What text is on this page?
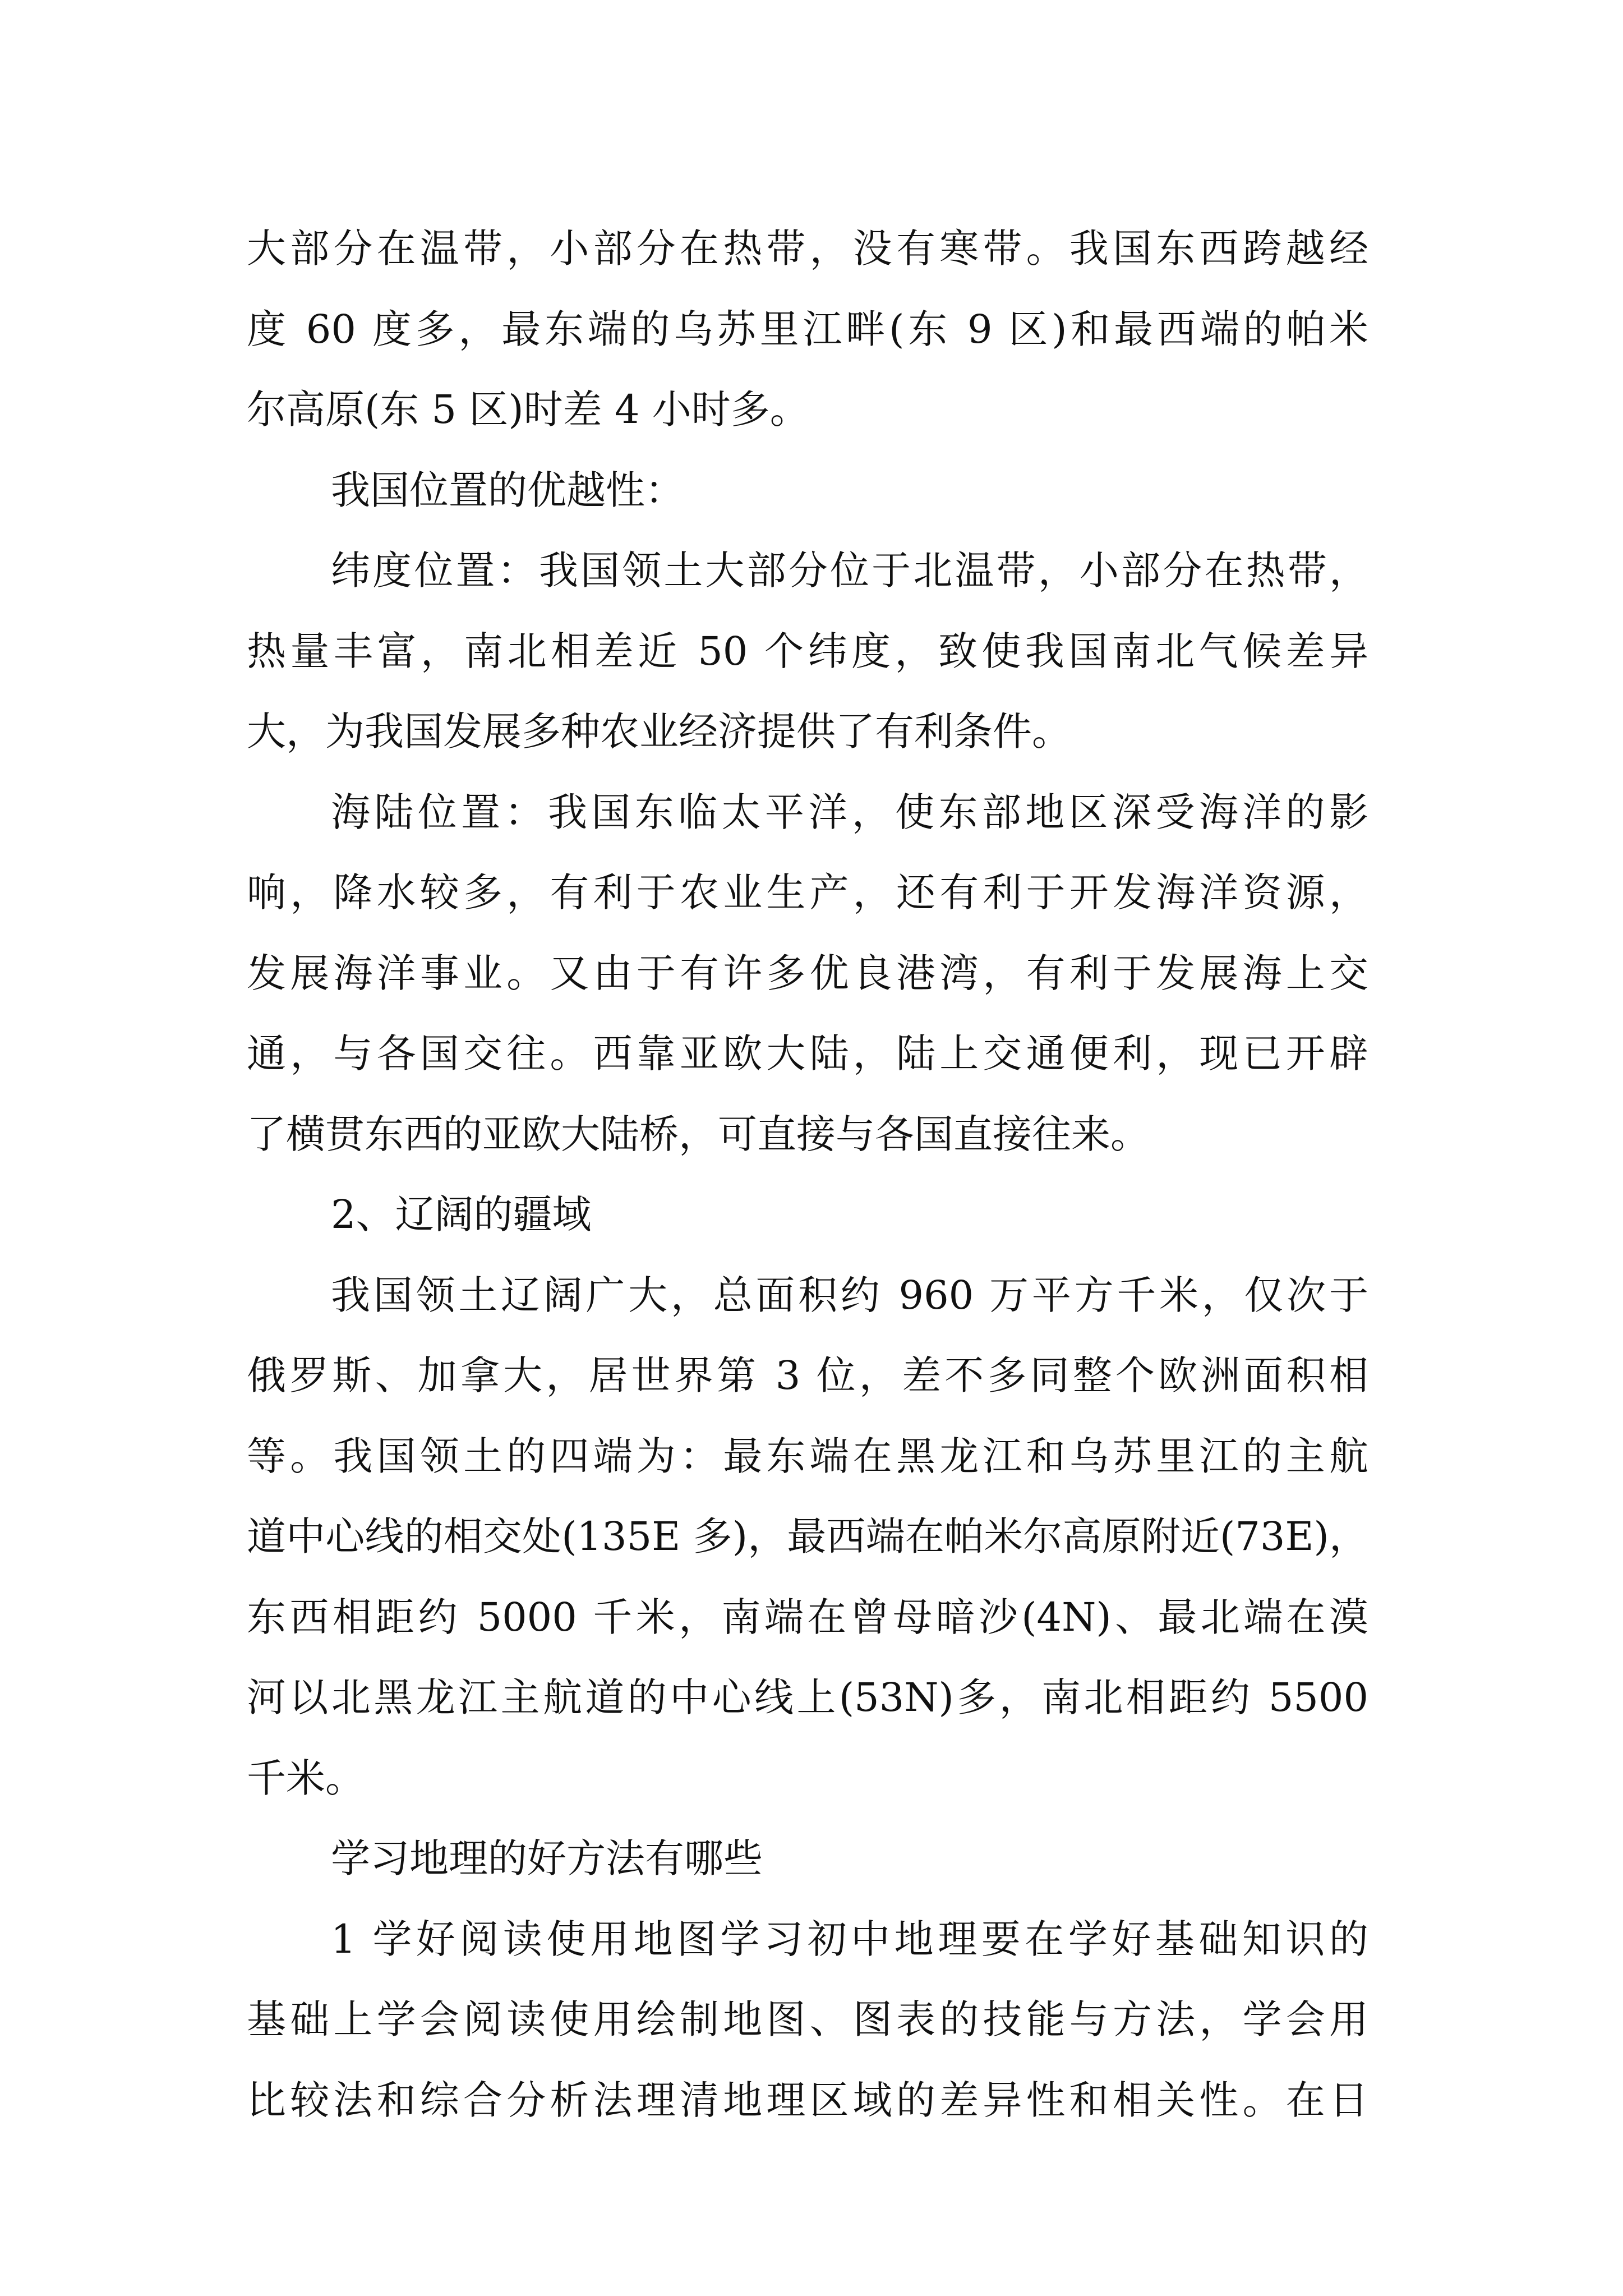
大部分在温带，小部分在热带，没有寒带。我国东西跨越经
度 60 度多，最东端的乌苏里江畔(东 9 区)和最西端的帕米
尔高原(东 5 区)时差 4 小时多。
我国位置的优越性：
纬度位置：我国领土大部分位于北温带，小部分在热带，
热量丰富，南北相差近 50 个纬度，致使我国南北气候差异
大，为我国发展多种农业经济提供了有利条件。
海陆位置：我国东临太平洋，使东部地区深受海洋的影
响，降水较多，有利于农业生产，还有利于开发海洋资源，
发展海洋事业。又由于有许多优良港湾，有利于发展海上交
通，与各国交往。西靠亚欧大陆，陆上交通便利，现已开辟
了横贯东西的亚欧大陆桥，可直接与各国直接往来。
2、辽阔的疆域
我国领土辽阔广大，总面积约 960 万平方千米，仅次于
俄罗斯、加拿大，居世界第 3 位，差不多同整个欧洲面积相
等。我国领土的四端为：最东端在黑龙江和乌苏里江的主航
道中心线的相交处(135E 多)，最西端在帕米尔高原附近(73E)，
东西相距约 5000 千米，南端在曾母暗沙(4N)、最北端在漠
河以北黑龙江主航道的中心线上(53N)多，南北相距约 5500
千米。
学习地理的好方法有哪些
1 学好阅读使用地图学习初中地理要在学好基础知识的
基础上学会阅读使用绘制地图、图表的技能与方法，学会用
比较法和综合分析法理清地理区域的差异性和相关性。在日
